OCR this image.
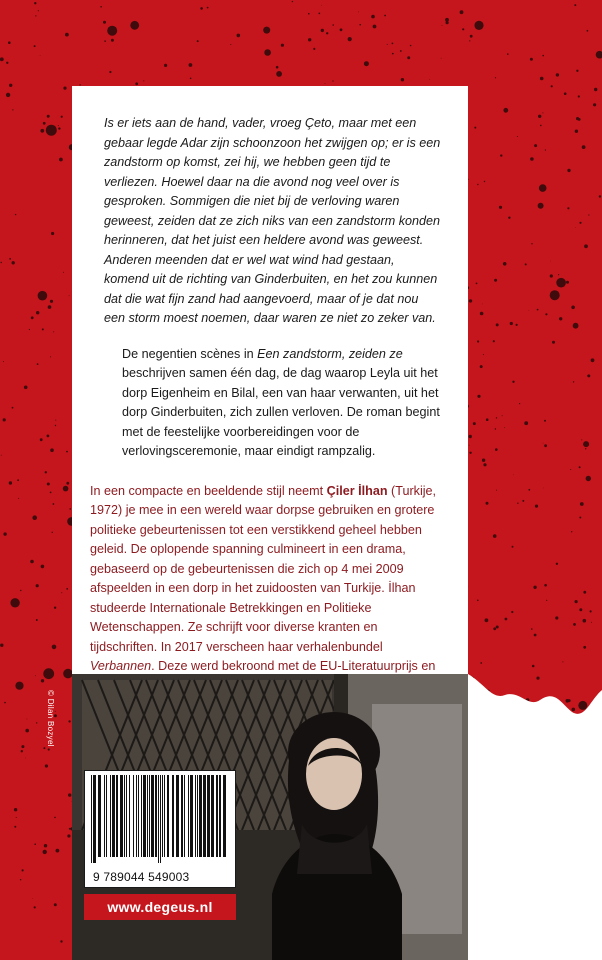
Is er iets aan de hand, vader, vroeg Çeto, maar met een gebaar legde Adar zijn schoonzoon het zwijgen op; er is een zandstorm op komst, zei hij, we hebben geen tijd te verliezen. Hoewel daar na die avond nog veel over is gesproken. Sommigen die niet bij de verloving waren geweest, zeiden dat ze zich niks van een zandstorm konden herinneren, dat het juist een heldere avond was geweest. Anderen meenden dat er wel wat wind had gestaan, komend uit de richting van Ginderbuiten, en het zou kunnen dat die wat fijn zand had aangevoerd, maar of je dat nou een storm moest noemen, daar waren ze niet zo zeker van.

De negentien scènes in Een zandstorm, zeiden ze beschrijven samen één dag, de dag waarop Leyla uit het dorp Eigenheim en Bilal, een van haar verwanten, uit het dorp Ginderbuiten, zich zullen verloven. De roman begint met de feestelijke voorbereidingen voor de verlovingsceremonie, maar eindigt rampzalig.

In een compacte en beeldende stijl neemt Çiler İlhan (Turkije, 1972) je mee in een wereld waar dorpse gebruiken en grotere politieke gebeurtenissen tot een verstikkend geheel hebben geleid. De oplopende spanning culmineert in een drama, gebaseerd op de gebeurtenissen die zich op 4 mei 2009 afspeelden in een dorp in het zuidoosten van Turkije. İlhan studeerde Internationale Betrekkingen en Politieke Wetenschappen. Ze schrijft voor diverse kranten en tijdschriften. In 2017 verscheen haar verhalenbundel Verbannen. Deze werd bekroond met de EU-Literatuurprijs en

© Dilan Bozyel
9 789044 549003
www.degeus.nl
